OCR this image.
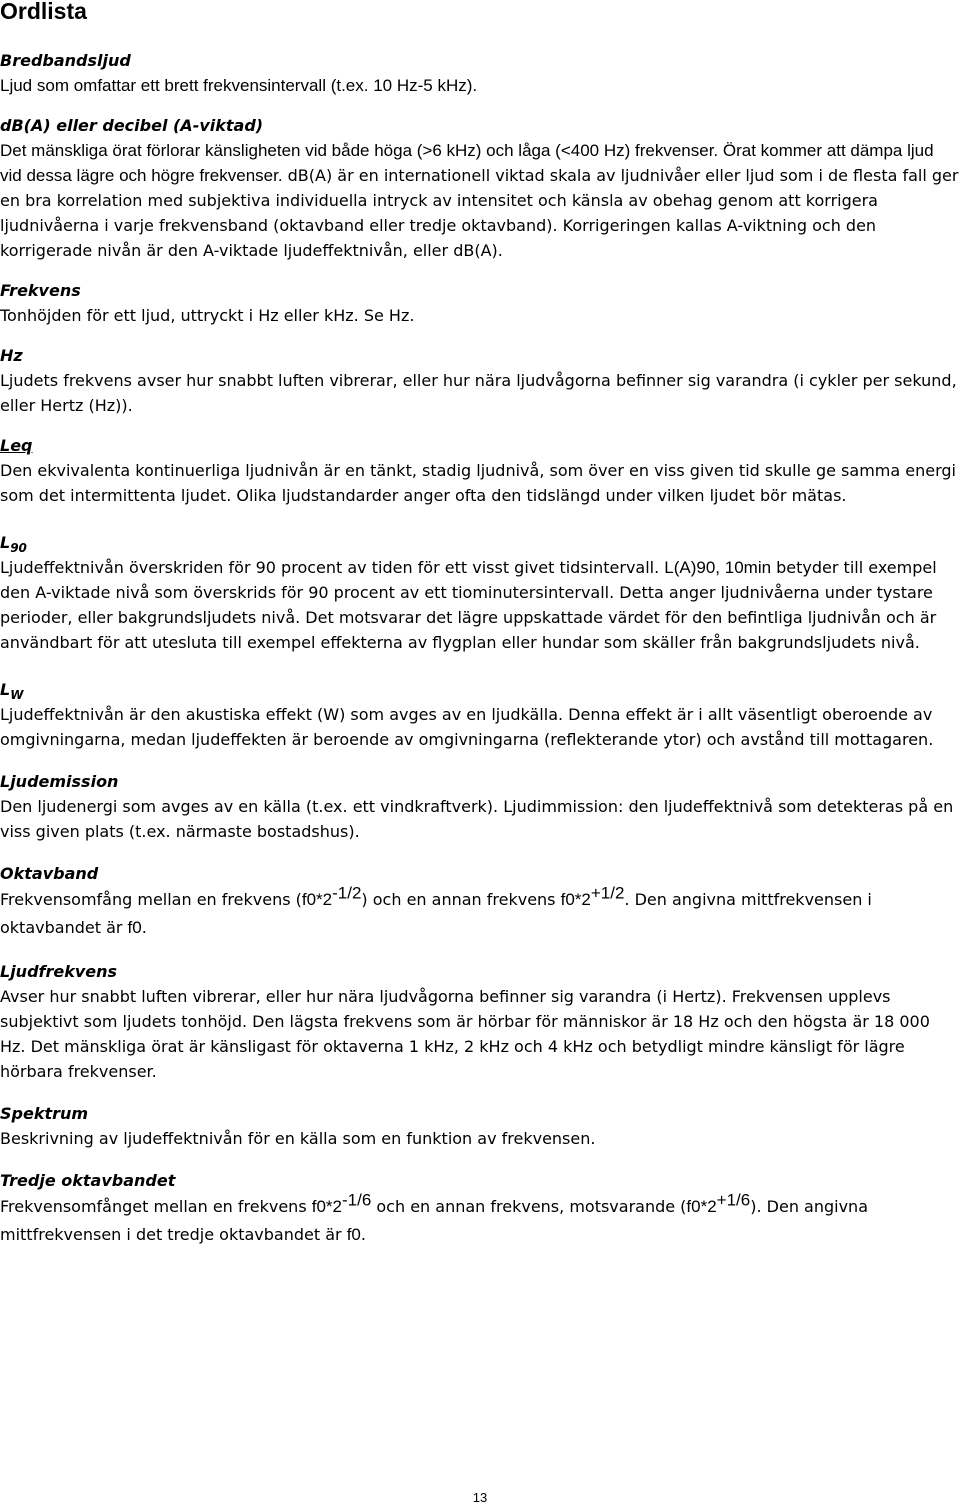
Ordlista

Bredbandsljud

Ljud som omfattar ett brett frekvensintervall (t.ex. 10 Hz-5 kHz).

dB(A) eller decibel (A-viktad)

Det mänskliga örat förlorar känsligheten vid både höga (>6 kHz) och låga (<400 Hz) frekvenser. Örat kommer att dämpa ljud vid dessa lägre och högre frekvenser. dB(A) är en internationell viktad skala av ljudnivåer eller ljud som i de flesta fall ger en bra korrelation med subjektiva individuella intryck av intensitet och känsla av obehag genom att korrigera ljudnivåerna i varje frekvensband (oktavband eller tredje oktavband). Korrigeringen kallas A-viktning och den korrigerade nivån är den A-viktade ljudeffektnivån, eller dB(A).

Frekvens

Tonhöjden för ett ljud, uttryckt i Hz eller kHz. Se Hz.

Hz

Ljudets frekvens avser hur snabbt luften vibrerar, eller hur nära ljudvågorna befinner sig varandra (i cykler per sekund, eller Hertz (Hz)).

Leq

Den ekvivalenta kontinuerliga ljudnivån är en tänkt, stadig ljudnivå, som över en viss given tid skulle ge samma energi som det intermittenta ljudet. Olika ljudstandarder anger ofta den tidslängd under vilken ljudet bör mätas.

$L_{90}$

Ljudeffektnivån överskriden för 90 procent av tiden för ett visst givet tidsintervall. L(A)90, 10min betyder till exempel den A-viktade nivå som överskrids för 90 procent av ett tiominutersintervall. Detta anger ljudnivåerna under tystare perioder, eller bakgrundsljudets nivå. Det motsvarar det lägre uppskattade värdet för den befintliga ljudnivån och är användbart för att utesluta till exempel effekterna av flygplan eller hundar som skäller från bakgrundsljudets nivå.

$L_W$

Ljudeffektnivån är den akustiska effekt (W) som avges av en ljudkälla. Denna effekt är i allt väsentligt oberoende av omgivningarna, medan ljudeffekten är beroende av omgivningarna (reflekterande ytor) och avstånd till mottagaren.

Ljudemission

Den ljudenergi som avges av en källa (t.ex. ett vindkraftverk). Ljudimmission: den ljudeffektnivå som detekteras på en viss given plats (t.ex. närmaste bostadshus).

Oktavband

Frekvensomfång mellan en frekvens $(f0*2^{-1/2})$ och en annan frekvens $f0*2^{+1/2}$. Den angivna mittfrekvensen i oktavbandet är f0.

Ljudfrekvens

Avser hur snabbt luften vibrerar, eller hur nära ljudvågorna befinner sig varandra (i Hertz). Frekvensen upplevs subjektivt som ljudets tonhöjd. Den lägsta frekvens som är hörbar för människor är 18 Hz och den högsta är 18 000 Hz. Det mänskliga örat är känsligast för oktaverna 1 kHz, 2 kHz och 4 kHz och betydligt mindre känsligt för lägre hörbara frekvenser.

Spektrum

Beskrivning av ljudeffektnivån för en källa som en funktion av frekvensen.

Tredje oktavbandet

Frekvensomfånget mellan en frekvens $f0*2^{-1/6}$ och en annan frekvens, motsvarande $(f0*2^{+1/6})$. Den angivna mittfrekvensen i det tredje oktavbandet är f0.

13
